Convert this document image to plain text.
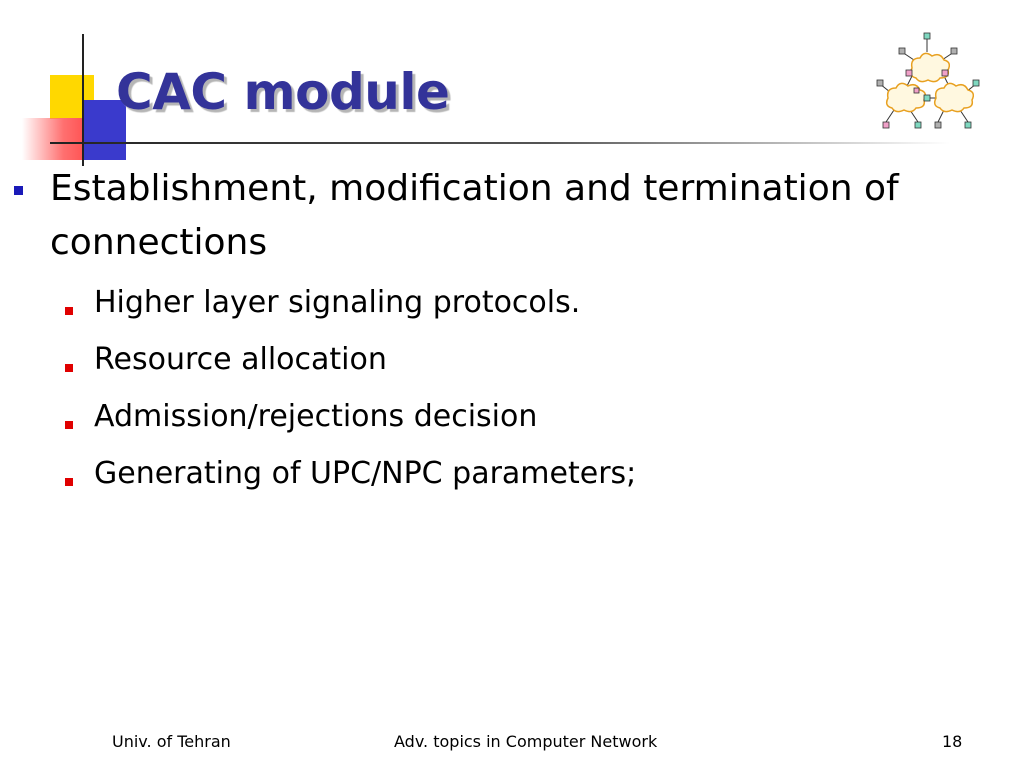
CAC module
Establishment, modification and termination of connections
Higher layer signaling protocols.
Resource allocation
Admission/rejections decision
Generating of UPC/NPC parameters;
Univ. of Tehran	Adv. topics in Computer Network	18
